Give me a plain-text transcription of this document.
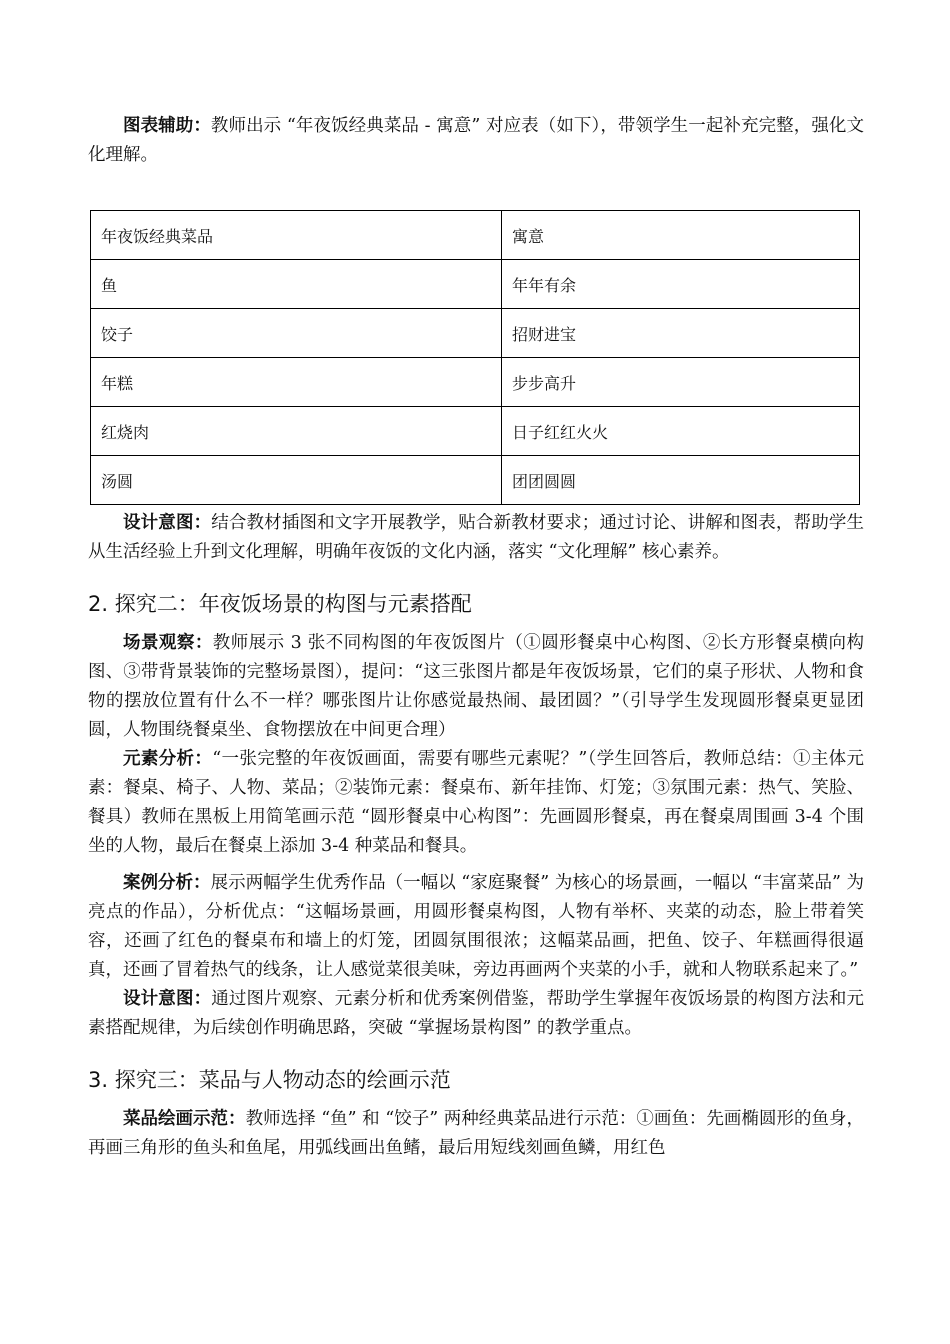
图表辅助：教师出示 “年夜饭经典菜品 - 寓意” 对应表（如下），带领学生一起补充完整，强化文化理解。

年夜饭经典菜品	寓意
鱼	年年有余
饺子	招财进宝
年糕	步步高升
红烧肉	日子红红火火
汤圆	团团圆圆

设计意图：结合教材插图和文字开展教学，贴合新教材要求；通过讨论、讲解和图表，帮助学生从生活经验上升到文化理解，明确年夜饭的文化内涵，落实 “文化理解” 核心素养。

2. 探究二：年夜饭场景的构图与元素搭配

场景观察：教师展示 3 张不同构图的年夜饭图片（①圆形餐桌中心构图、②长方形餐桌横向构图、③带背景装饰的完整场景图），提问：“这三张图片都是年夜饭场景，它们的桌子形状、人物和食物的摆放位置有什么不一样？哪张图片让你感觉最热闹、最团圆？”（引导学生发现圆形餐桌更显团圆，人物围绕餐桌坐、食物摆放在中间更合理）

元素分析：“一张完整的年夜饭画面，需要有哪些元素呢？”（学生回答后，教师总结：①主体元素：餐桌、椅子、人物、菜品；②装饰元素：餐桌布、新年挂饰、灯笼；③氛围元素：热气、笑脸、餐具）教师在黑板上用简笔画示范 “圆形餐桌中心构图”：先画圆形餐桌，再在餐桌周围画 3-4 个围坐的人物，最后在餐桌上添加 3-4 种菜品和餐具。

案例分析：展示两幅学生优秀作品（一幅以 “家庭聚餐” 为核心的场景画，一幅以 “丰富菜品” 为亮点的作品），分析优点：“这幅场景画，用圆形餐桌构图，人物有举杯、夹菜的动态，脸上带着笑容，还画了红色的餐桌布和墙上的灯笼，团圆氛围很浓；这幅菜品画，把鱼、饺子、年糕画得很逼真，还画了冒着热气的线条，让人感觉菜很美味，旁边再画两个夹菜的小手，就和人物联系起来了。”

设计意图：通过图片观察、元素分析和优秀案例借鉴，帮助学生掌握年夜饭场景的构图方法和元素搭配规律，为后续创作明确思路，突破 “掌握场景构图” 的教学重点。

3. 探究三：菜品与人物动态的绘画示范

菜品绘画示范：教师选择 “鱼” 和 “饺子” 两种经典菜品进行示范：①画鱼：先画椭圆形的鱼身，再画三角形的鱼头和鱼尾，用弧线画出鱼鳍，最后用短线刻画鱼鳞，用红色
